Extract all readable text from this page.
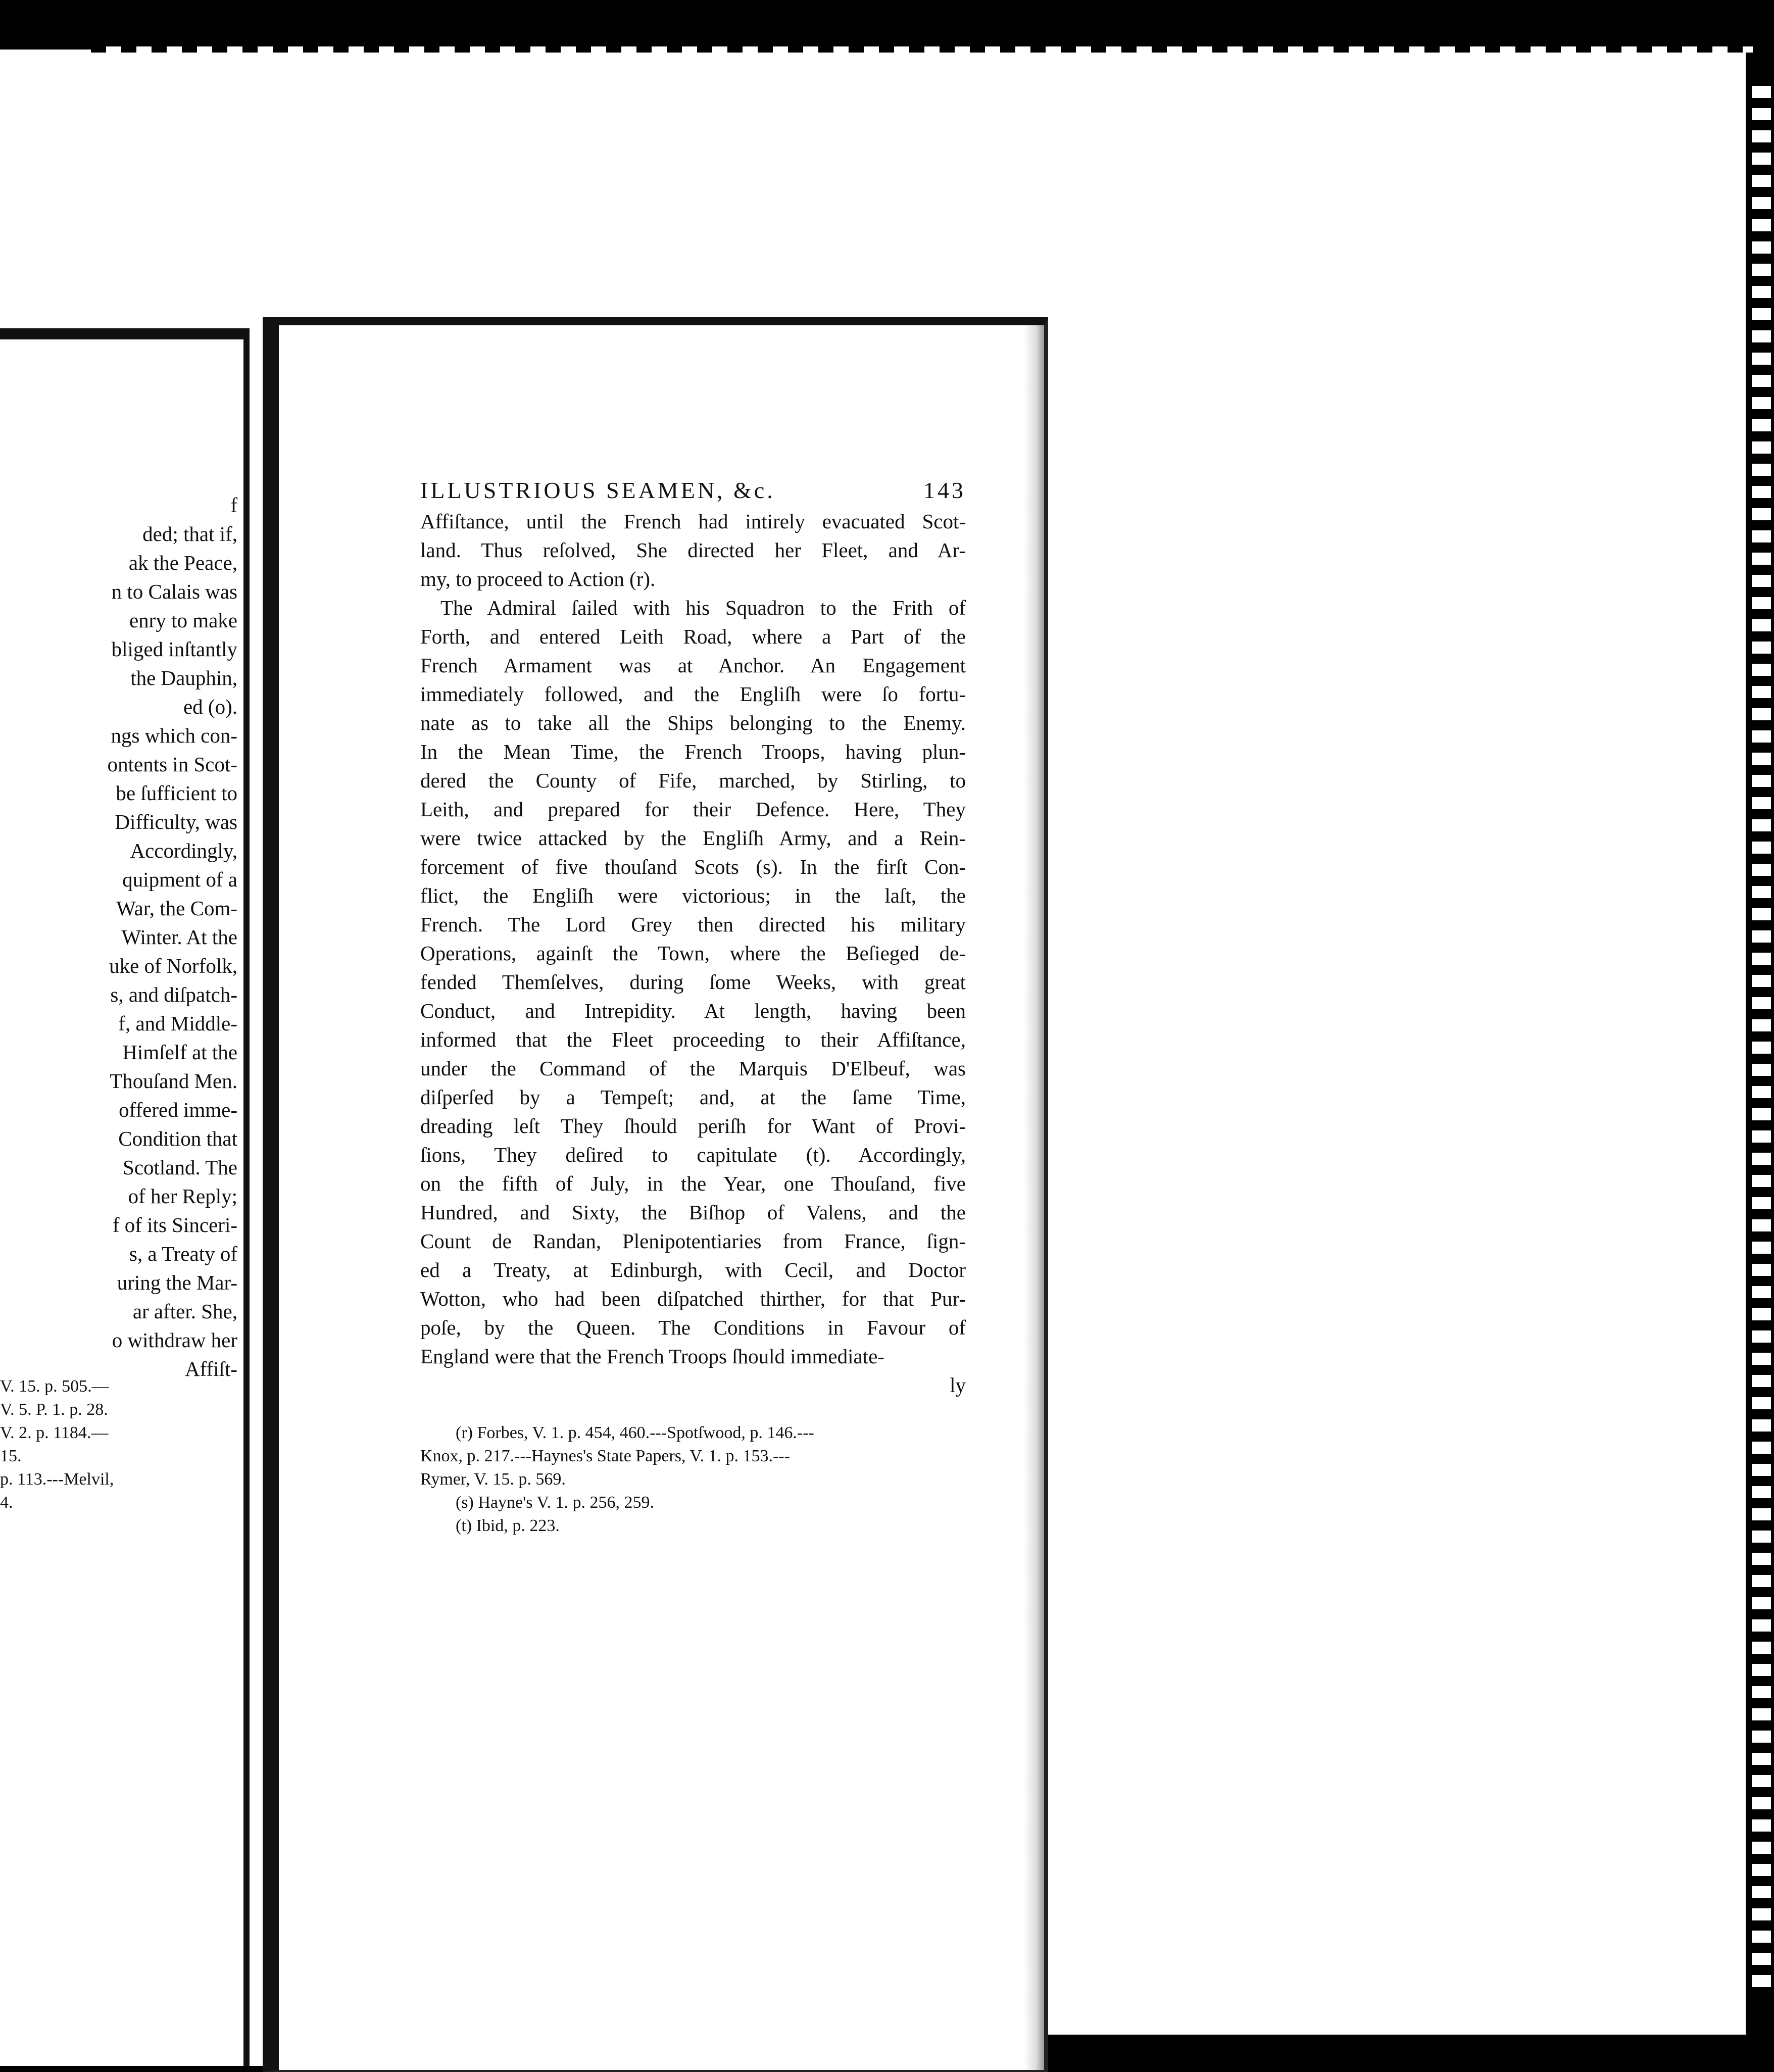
f
ded; that if,
ak the Peace,
n to Calais was
enry to make
bliged inſtantly
the Dauphin,
ed (o).
ngs which con-
ontents in Scot-
be ſufficient to
Difficulty, was
Accordingly,
quipment of a
War, the Com-
Winter. At the
uke of Norfolk,
s, and diſpatch-
f, and Middle-
Himſelf at the
Thouſand Men.
offered imme-
Condition that
Scotland. The
of her Reply;
f of its Sinceri-
s, a Treaty of
uring the Mar-
ar after. She,
o withdraw her
Affiſt-
V. 15. p. 505.—
V. 5. P. 1. p. 28.
V. 2. p. 1184.—
15.
p. 113.---Melvil,
4.
ILLUSTRIOUS SEAMEN, &c.	143
Affiſtance, until the French had intirely evacuated Scot-
land. Thus reſolved, She directed her Fleet, and Ar-
my, to proceed to Action (r).
The Admiral ſailed with his Squadron to the Frith of
Forth, and entered Leith Road, where a Part of the
French Armament was at Anchor. An Engagement
immediately followed, and the Engliſh were ſo fortu-
nate as to take all the Ships belonging to the Enemy.
In the Mean Time, the French Troops, having plun-
dered the County of Fife, marched, by Stirling, to
Leith, and prepared for their Defence. Here, They
were twice attacked by the Engliſh Army, and a Rein-
forcement of five thouſand Scots (s). In the firſt Con-
flict, the Engliſh were victorious; in the laſt, the
French. The Lord Grey then directed his military
Operations, againſt the Town, where the Beſieged de-
fended Themſelves, during ſome Weeks, with great
Conduct, and Intrepidity. At length, having been
informed that the Fleet proceeding to their Affiſtance,
under the Command of the Marquis D'Elbeuf, was
diſperſed by a Tempeſt; and, at the ſame Time,
dreading leſt They ſhould periſh for Want of Provi-
ſions, They deſired to capitulate (t). Accordingly,
on the fifth of July, in the Year, one Thouſand, five
Hundred, and Sixty, the Biſhop of Valens, and the
Count de Randan, Plenipotentiaries from France, ſign-
ed a Treaty, at Edinburgh, with Cecil, and Doctor
Wotton, who had been diſpatched thirther, for that Pur-
poſe, by the Queen. The Conditions in Favour of
England were that the French Troops ſhould immediate-
ly
(r) Forbes, V. 1. p. 454, 460.---Spotſwood, p. 146.---
Knox, p. 217.---Haynes's State Papers, V. 1. p. 153.---
Rymer, V. 15. p. 569.
(s) Hayne's V. 1. p. 256, 259.
(t) Ibid, p. 223.
